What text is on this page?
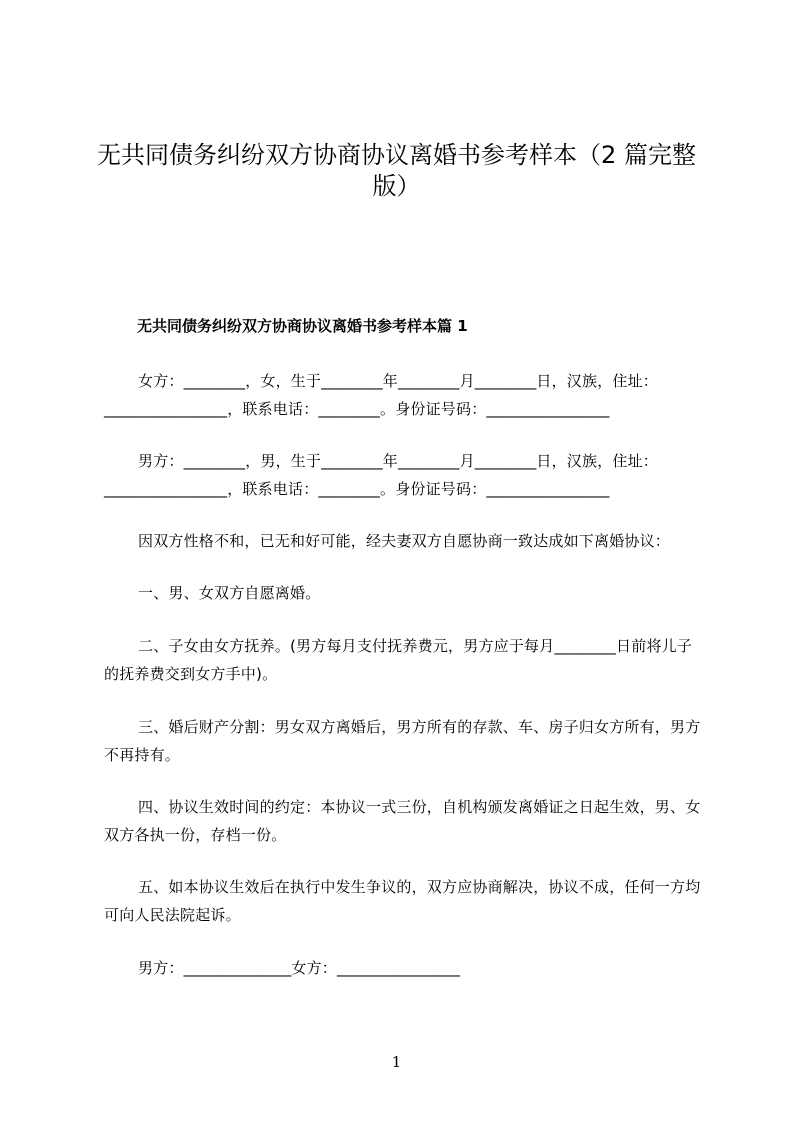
无共同债务纠纷双方协商协议离婚书参考样本（2 篇完整版）

无共同债务纠纷双方协商协议离婚书参考样本篇 1

女方：________，女，生于________年________月________日，汉族，住址：________________，联系电话：________。身份证号码：________________

男方：________，男，生于________年________月________日，汉族，住址：________________，联系电话：________。身份证号码：________________

因双方性格不和，已无和好可能，经夫妻双方自愿协商一致达成如下离婚协议：

一、男、女双方自愿离婚。

二、子女由女方抚养。(男方每月支付抚养费元，男方应于每月________日前将儿子的抚养费交到女方手中)。

三、婚后财产分割：男女双方离婚后，男方所有的存款、车、房子归女方所有，男方不再持有。

四、协议生效时间的约定：本协议一式三份，自机构颁发离婚证之日起生效，男、女双方各执一份，存档一份。

五、如本协议生效后在执行中发生争议的，双方应协商解决，协议不成，任何一方均可向人民法院起诉。

男方：______________女方：________________

1
